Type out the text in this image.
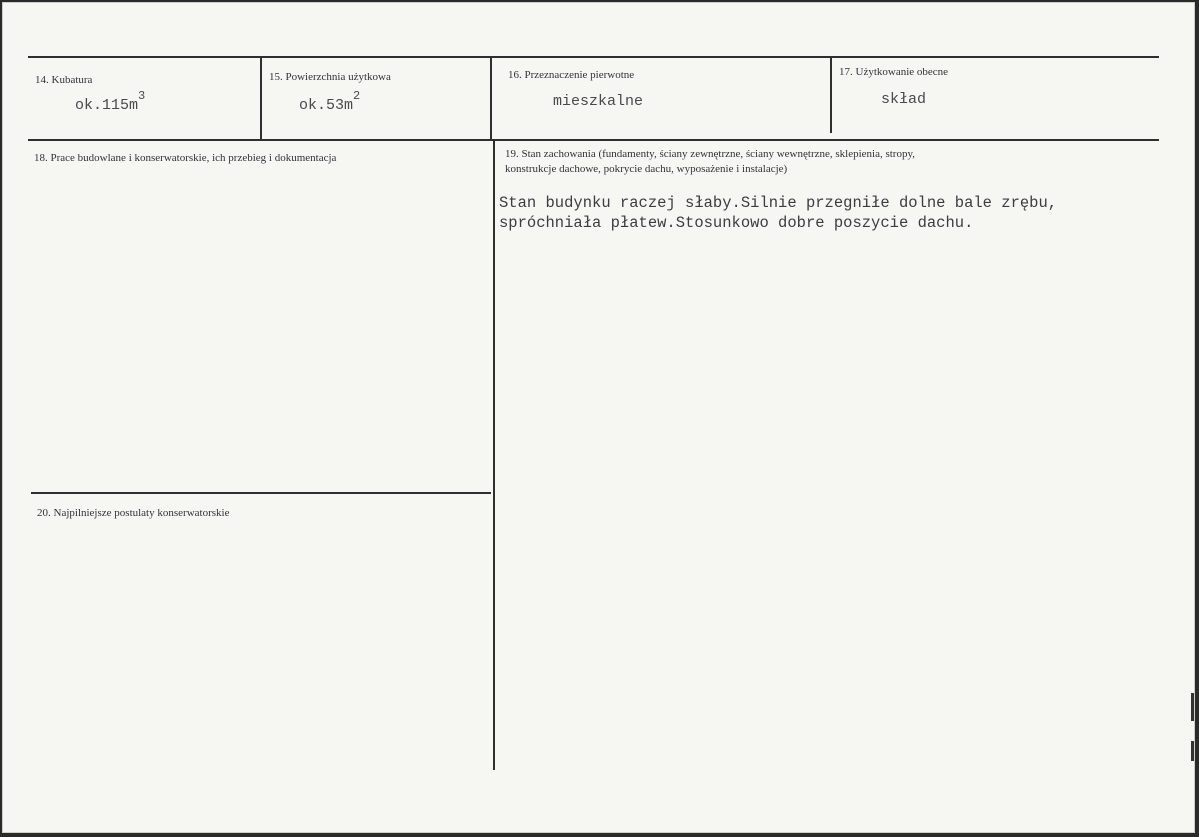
14. Kubatura
$ok.115m^3$
15. Powierzchnia użytkowa
$ok.53m^2$
16. Przeznaczenie pierwotne
mieszkalne
17. Użytkowanie obecne
skład
18. Prace budowlane i konserwatorskie, ich przebieg i dokumentacja	19. Stan zachowania (fundamenty, ściany zewnętrzne, ściany wewnętrzne, sklepienia, stropy,
konstrukcje dachowe, pokrycie dachu, wyposażenie i instalacje)
Stan budynku raczej słaby.Silnie przegniłe dolne bale zrębu,
spróchniała płatew.Stosunkowo dobre poszycie dachu.
20. Najpilniejsze postulaty konserwatorskie
